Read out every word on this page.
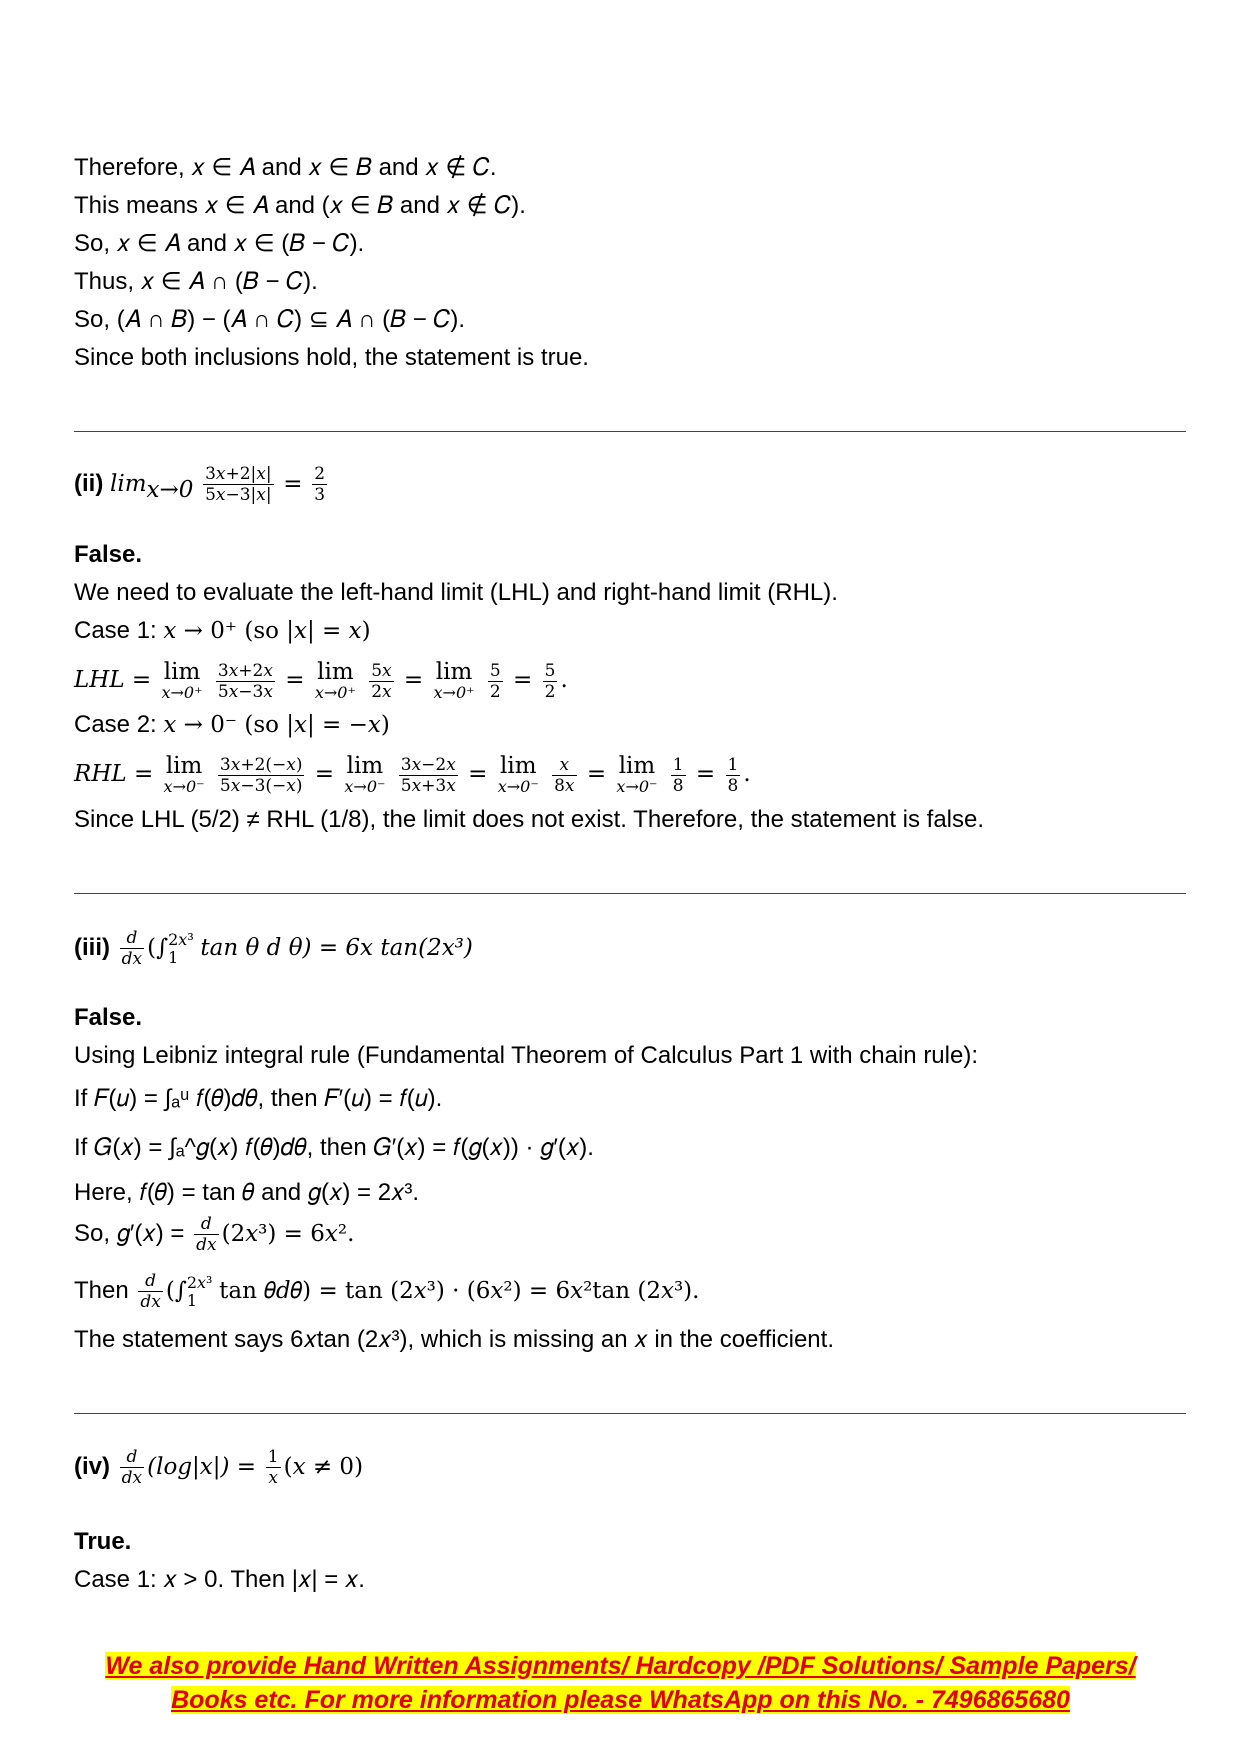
Therefore, 𝑥 ∈ 𝐴 and 𝑥 ∈ 𝐵 and 𝑥 ∉ 𝐶.
This means 𝑥 ∈ 𝐴 and (𝑥 ∈ 𝐵 and 𝑥 ∉ 𝐶).
So, 𝑥 ∈ 𝐴 and 𝑥 ∈ (𝐵 − 𝐶).
Thus, 𝑥 ∈ 𝐴 ∩ (𝐵 − 𝐶).
So, (𝐴 ∩ 𝐵) − (𝐴 ∩ 𝐶) ⊆ 𝐴 ∩ (𝐵 − 𝐶).
Since both inclusions hold, the statement is true.
(ii) $\lim_{𝑥\to 0} \frac{\text{3𝑥+2|𝑥|}}{\text{5𝑥−3|𝑥|}} = \frac{2}{3}$
False.
We need to evaluate the left-hand limit (LHL) and right-hand limit (RHL).
Case 1: 𝑥 → 0⁺ (so |𝑥| = 𝑥)
𝐿𝐻𝐿 = lim
𝑥→0⁺
$\frac{\text{3𝑥+2𝑥}}{\text{5𝑥−3𝑥}} = \lim$
𝑥→0⁺
$\frac{\text{5𝑥}}{\text{2𝑥}} = \lim$
𝑥→0⁺
$\frac{5}{2} = \frac{5}{2}$ .
Case 2: 𝑥 → 0⁻ (so |𝑥| = −𝑥)
𝑅𝐻𝐿 = lim
𝑥→0⁻
$\frac{\text{3𝑥+2(−𝑥)}}{\text{5𝑥−3(−𝑥)}} = \lim$
𝑥→0⁻
$\frac{\text{3𝑥−2𝑥}}{\text{5𝑥+3𝑥}} = \lim$
𝑥→0⁻
$\frac{\text{𝑥}}{\text{8𝑥}} = \lim$
𝑥→0⁻
$\frac{1}{8} = \frac{1}{8}$ .
Since LHL (5/2) ≠ RHL (1/8), the limit does not exist. Therefore, the statement is false.
$(iii) \frac{\text{𝑑}}{\text{𝑑𝑥}}$ (∫ 2𝑥³
1 𝑡𝑎𝑛 𝜃 𝑑 𝜃) = 6𝑥 𝑡𝑎𝑛(2𝑥³)
False.
Using Leibniz integral rule (Fundamental Theorem of Calculus Part 1 with chain rule):
If 𝐹(𝑢) = ∫ₐᵘ 𝑓(𝜃)𝑑𝜃, then 𝐹′(𝑢) = 𝑓(𝑢).
If 𝐺(𝑥) = ∫ₐ^𝑔(𝑥) 𝑓(𝜃)𝑑𝜃, then 𝐺′(𝑥) = 𝑓(𝑔(𝑥)) · 𝑔′(𝑥).
Here, 𝑓(𝜃) = tan 𝜃 and 𝑔(𝑥) = 2𝑥³.
So, 𝑔′(𝑥) = $\frac{\text{𝑑}}{\text{𝑑𝑥}}$ (2𝑥³) = 6𝑥².
Then $\frac{\text{𝑑}}{\text{𝑑𝑥}}$ (∫ 2𝑥³
1 tan 𝜃𝑑𝜃) = tan (2𝑥³) · (6𝑥²) = 6𝑥²tan (2𝑥³).
The statement says 6𝑥tan (2𝑥³), which is missing an 𝑥 in the coefficient.
$(iv) \frac{\text{𝑑}}{\text{𝑑𝑥}}$ (𝑙𝑜𝑔|𝑥|) = $\frac{1}{\text{𝑥}}$ (𝑥 ≠ 0)
True.
Case 1: 𝑥 > 0. Then |𝑥| = 𝑥.
We also provide Hand Written Assignments/ Hardcopy /PDF Solutions/ Sample Papers/
Books etc. For more information please WhatsApp on this No. - 7496865680
